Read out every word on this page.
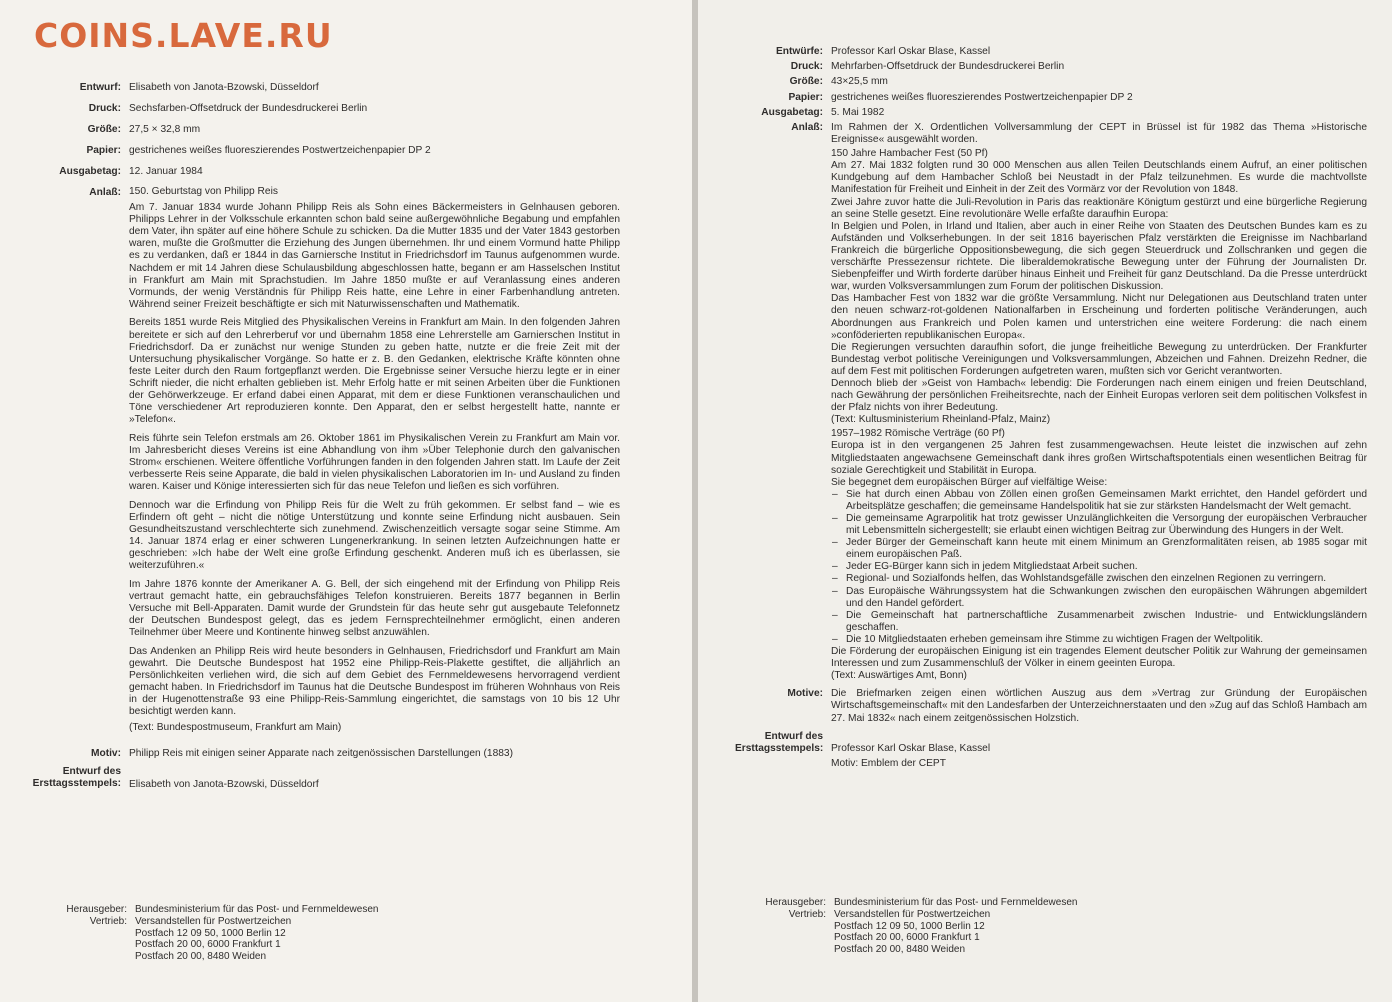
COINS.LAVE.RU
Entwurf: Elisabeth von Janota-Bzowski, Düsseldorf
Druck: Sechsfarben-Offsetdruck der Bundesdruckerei Berlin
Größe: 27,5 × 32,8 mm
Papier: gestrichenes weißes fluoreszierendes Postwertzeichenpapier DP 2
Ausgabetag: 12. Januar 1984
Anlaß: 150. Geburtstag von Philipp Reis

Am 7. Januar 1834 wurde Johann Philipp Reis als Sohn eines Bäckermeisters in Gelnhausen geboren. Philipps Lehrer in der Volksschule erkannten schon bald seine außergewöhnliche Begabung und empfahlen dem Vater, ihn später auf eine höhere Schule zu schicken. Da die Mutter 1835 und der Vater 1843 gestorben waren, mußte die Großmutter die Erziehung des Jungen übernehmen. Ihr und einem Vormund hatte Philipp es zu verdanken, daß er 1844 in das Garniersche Institut in Friedrichsdorf im Taunus aufgenommen wurde. Nachdem er mit 14 Jahren diese Schulausbildung abgeschlossen hatte, begann er am Hasselschen Institut in Frankfurt am Main mit Sprachstudien. Im Jahre 1850 mußte er auf Veranlassung eines anderen Vormunds, der wenig Verständnis für Philipp Reis hatte, eine Lehre in einer Farbenhandlung antreten. Während seiner Freizeit beschäftigte er sich mit Naturwissenschaften und Mathematik.

Bereits 1851 wurde Reis Mitglied des Physikalischen Vereins in Frankfurt am Main. In den folgenden Jahren bereitete er sich auf den Lehrerberuf vor und übernahm 1858 eine Lehrerstelle am Garnierschen Institut in Friedrichsdorf. Da er zunächst nur wenige Stunden zu geben hatte, nutzte er die freie Zeit mit der Untersuchung physikalischer Vorgänge. So hatte er z. B. den Gedanken, elektrische Kräfte könnten ohne feste Leiter durch den Raum fortgepflanzt werden. Die Ergebnisse seiner Versuche hierzu legte er in einer Schrift nieder, die nicht erhalten geblieben ist. Mehr Erfolg hatte er mit seinen Arbeiten über die Funktionen der Gehörwerkzeuge. Er erfand dabei einen Apparat, mit dem er diese Funktionen veranschaulichen und Töne verschiedener Art reproduzieren konnte. Den Apparat, den er selbst hergestellt hatte, nannte er »Telefon«.

Reis führte sein Telefon erstmals am 26. Oktober 1861 im Physikalischen Verein zu Frankfurt am Main vor. Im Jahresbericht dieses Vereins ist eine Abhandlung von ihm »Über Telephonie durch den galvanischen Strom« erschienen. Weitere öffentliche Vorführungen fanden in den folgenden Jahren statt. Im Laufe der Zeit verbesserte Reis seine Apparate, die bald in vielen physikalischen Laboratorien im In- und Ausland zu finden waren. Kaiser und Könige interessierten sich für das neue Telefon und ließen es sich vorführen.

Dennoch war die Erfindung von Philipp Reis für die Welt zu früh gekommen. Er selbst fand – wie es Erfindern oft geht – nicht die nötige Unterstützung und konnte seine Erfindung nicht ausbauen. Sein Gesundheitszustand verschlechterte sich zunehmend. Zwischenzeitlich versagte sogar seine Stimme. Am 14. Januar 1874 erlag er einer schweren Lungenerkrankung. In seinen letzten Aufzeichnungen hatte er geschrieben: »Ich habe der Welt eine große Erfindung geschenkt. Anderen muß ich es überlassen, sie weiterzuführen.«

Im Jahre 1876 konnte der Amerikaner A. G. Bell, der sich eingehend mit der Erfindung von Philipp Reis vertraut gemacht hatte, ein gebrauchsfähiges Telefon konstruieren. Bereits 1877 begannen in Berlin Versuche mit Bell-Apparaten. Damit wurde der Grundstein für das heute sehr gut ausgebaute Telefonnetz der Deutschen Bundespost gelegt, das es jedem Fernsprechteilnehmer ermöglicht, einen anderen Teilnehmer über Meere und Kontinente hinweg selbst anzuwählen.

Das Andenken an Philipp Reis wird heute besonders in Gelnhausen, Friedrichsdorf und Frankfurt am Main gewahrt. Die Deutsche Bundespost hat 1952 eine Philipp-Reis-Plakette gestiftet, die alljährlich an Persönlichkeiten verliehen wird, die sich auf dem Gebiet des Fernmeldewesens hervorragend verdient gemacht haben. In Friedrichsdorf im Taunus hat die Deutsche Bundespost im früheren Wohnhaus von Reis in der Hugenottenstraße 93 eine Philipp-Reis-Sammlung eingerichtet, die samstags von 10 bis 12 Uhr besichtigt werden kann.

(Text: Bundespostmuseum, Frankfurt am Main)

Motiv: Philipp Reis mit einigen seiner Apparate nach zeitgenössischen Darstellungen (1883)
Entwurf des
Ersttagsstempels: Elisabeth von Janota-Bzowski, Düsseldorf
Herausgeber: Bundesministerium für das Post- und Fernmeldewesen
Vertrieb: Versandstellen für Postwertzeichen
Postfach 12 09 50, 1000 Berlin 12
Postfach 20 00, 6000 Frankfurt 1
Postfach 20 00, 8480 Weiden
Entwürfe: Professor Karl Oskar Blase, Kassel
Druck: Mehrfarben-Offsetdruck der Bundesdruckerei Berlin
Größe: 43×25,5 mm
Papier: gestrichenes weißes fluoreszierendes Postwertzeichenpapier DP 2
Ausgabetag: 5. Mai 1982
Anlaß: Im Rahmen der X. Ordentlichen Vollversammlung der CEPT in Brüssel ist für 1982 das Thema »Historische Ereignisse« ausgewählt worden.

150 Jahre Hambacher Fest (50 Pf)

Am 27. Mai 1832 folgten rund 30 000 Menschen aus allen Teilen Deutschlands einem Aufruf, an einer politischen Kundgebung auf dem Hambacher Schloß bei Neustadt in der Pfalz teilzunehmen. Es wurde die machtvollste Manifestation für Freiheit und Einheit in der Zeit des Vormärz vor der Revolution von 1848.

Zwei Jahre zuvor hatte die Juli-Revolution in Paris das reaktionäre Königtum gestürzt und eine bürgerliche Regierung an seine Stelle gesetzt. Eine revolutionäre Welle erfaßte daraufhin Europa:

In Belgien und Polen, in Irland und Italien, aber auch in einer Reihe von Staaten des Deutschen Bundes kam es zu Aufständen und Volkserhebungen. In der seit 1816 bayerischen Pfalz verstärkten die Ereignisse im Nachbarland Frankreich die bürgerliche Oppositionsbewegung, die sich gegen Steuerdruck und Zollschranken und gegen die verschärfte Pressezensur richtete. Die liberaldemokratische Bewegung unter der Führung der Journalisten Dr. Siebenpfeiffer und Wirth forderte darüber hinaus Einheit und Freiheit für ganz Deutschland. Da die Presse unterdrückt war, wurden Volksversammlungen zum Forum der politischen Diskussion.

Das Hambacher Fest von 1832 war die größte Versammlung. Nicht nur Delegationen aus Deutschland traten unter den neuen schwarz-rot-goldenen Nationalfarben in Erscheinung und forderten politische Veränderungen, auch Abordnungen aus Frankreich und Polen kamen und unterstrichen eine weitere Forderung: die nach einem »conföderierten republikanischen Europa«.

Die Regierungen versuchten daraufhin sofort, die junge freiheitliche Bewegung zu unterdrücken. Der Frankfurter Bundestag verbot politische Vereinigungen und Volksversammlungen, Abzeichen und Fahnen. Dreizehn Redner, die auf dem Fest mit politischen Forderungen aufgetreten waren, mußten sich vor Gericht verantworten.

Dennoch blieb der »Geist von Hambach« lebendig: Die Forderungen nach einem einigen und freien Deutschland, nach Gewährung der persönlichen Freiheitsrechte, nach der Einheit Europas verloren seit dem politischen Volksfest in der Pfalz nichts von ihrer Bedeutung.

(Text: Kultusministerium Rheinland-Pfalz, Mainz)

1957–1982 Römische Verträge (60 Pf)

Europa ist in den vergangenen 25 Jahren fest zusammengewachsen. Heute leistet die inzwischen auf zehn Mitgliedstaaten angewachsene Gemeinschaft dank ihres großen Wirtschaftspotentials einen wesentlichen Beitrag für soziale Gerechtigkeit und Stabilität in Europa.

Sie begegnet dem europäischen Bürger auf vielfältige Weise:

– Sie hat durch einen Abbau von Zöllen einen großen Gemeinsamen Markt errichtet, den Handel gefördert und Arbeitsplätze geschaffen; die gemeinsame Handelspolitik hat sie zur stärksten Handelsmacht der Welt gemacht.
– Die gemeinsame Agrarpolitik hat trotz gewisser Unzulänglichkeiten die Versorgung der europäischen Verbraucher mit Lebensmitteln sichergestellt; sie erlaubt einen wichtigen Beitrag zur Überwindung des Hungers in der Welt.
– Jeder Bürger der Gemeinschaft kann heute mit einem Minimum an Grenzformalitäten reisen, ab 1985 sogar mit einem europäischen Paß.
– Jeder EG-Bürger kann sich in jedem Mitgliedstaat Arbeit suchen.
– Regional- und Sozialfonds helfen, das Wohlstandsgefälle zwischen den einzelnen Regionen zu verringern.
– Das Europäische Währungssystem hat die Schwankungen zwischen den europäischen Währungen abgemildert und den Handel gefördert.
– Die Gemeinschaft hat partnerschaftliche Zusammenarbeit zwischen Industrie- und Entwicklungsländern geschaffen.
– Die 10 Mitgliedstaaten erheben gemeinsam ihre Stimme zu wichtigen Fragen der Weltpolitik.

Die Förderung der europäischen Einigung ist ein tragendes Element deutscher Politik zur Wahrung der gemeinsamen Interessen und zum Zusammenschluß der Völker in einem geeinten Europa.

(Text: Auswärtiges Amt, Bonn)

Motive: Die Briefmarken zeigen einen wörtlichen Auszug aus dem »Vertrag zur Gründung der Europäischen Wirtschaftsgemeinschaft« mit den Landesfarben der Unterzeichnerstaaten und den »Zug auf das Schloß Hambach am 27. Mai 1832« nach einem zeitgenössischen Holzstich.
Entwurf des
Ersttagsstempels: Professor Karl Oskar Blase, Kassel
Motiv: Emblem der CEPT
Herausgeber: Bundesministerium für das Post- und Fernmeldewesen
Vertrieb: Versandstellen für Postwertzeichen
Postfach 12 09 50, 1000 Berlin 12
Postfach 20 00, 6000 Frankfurt 1
Postfach 20 00, 8480 Weiden
